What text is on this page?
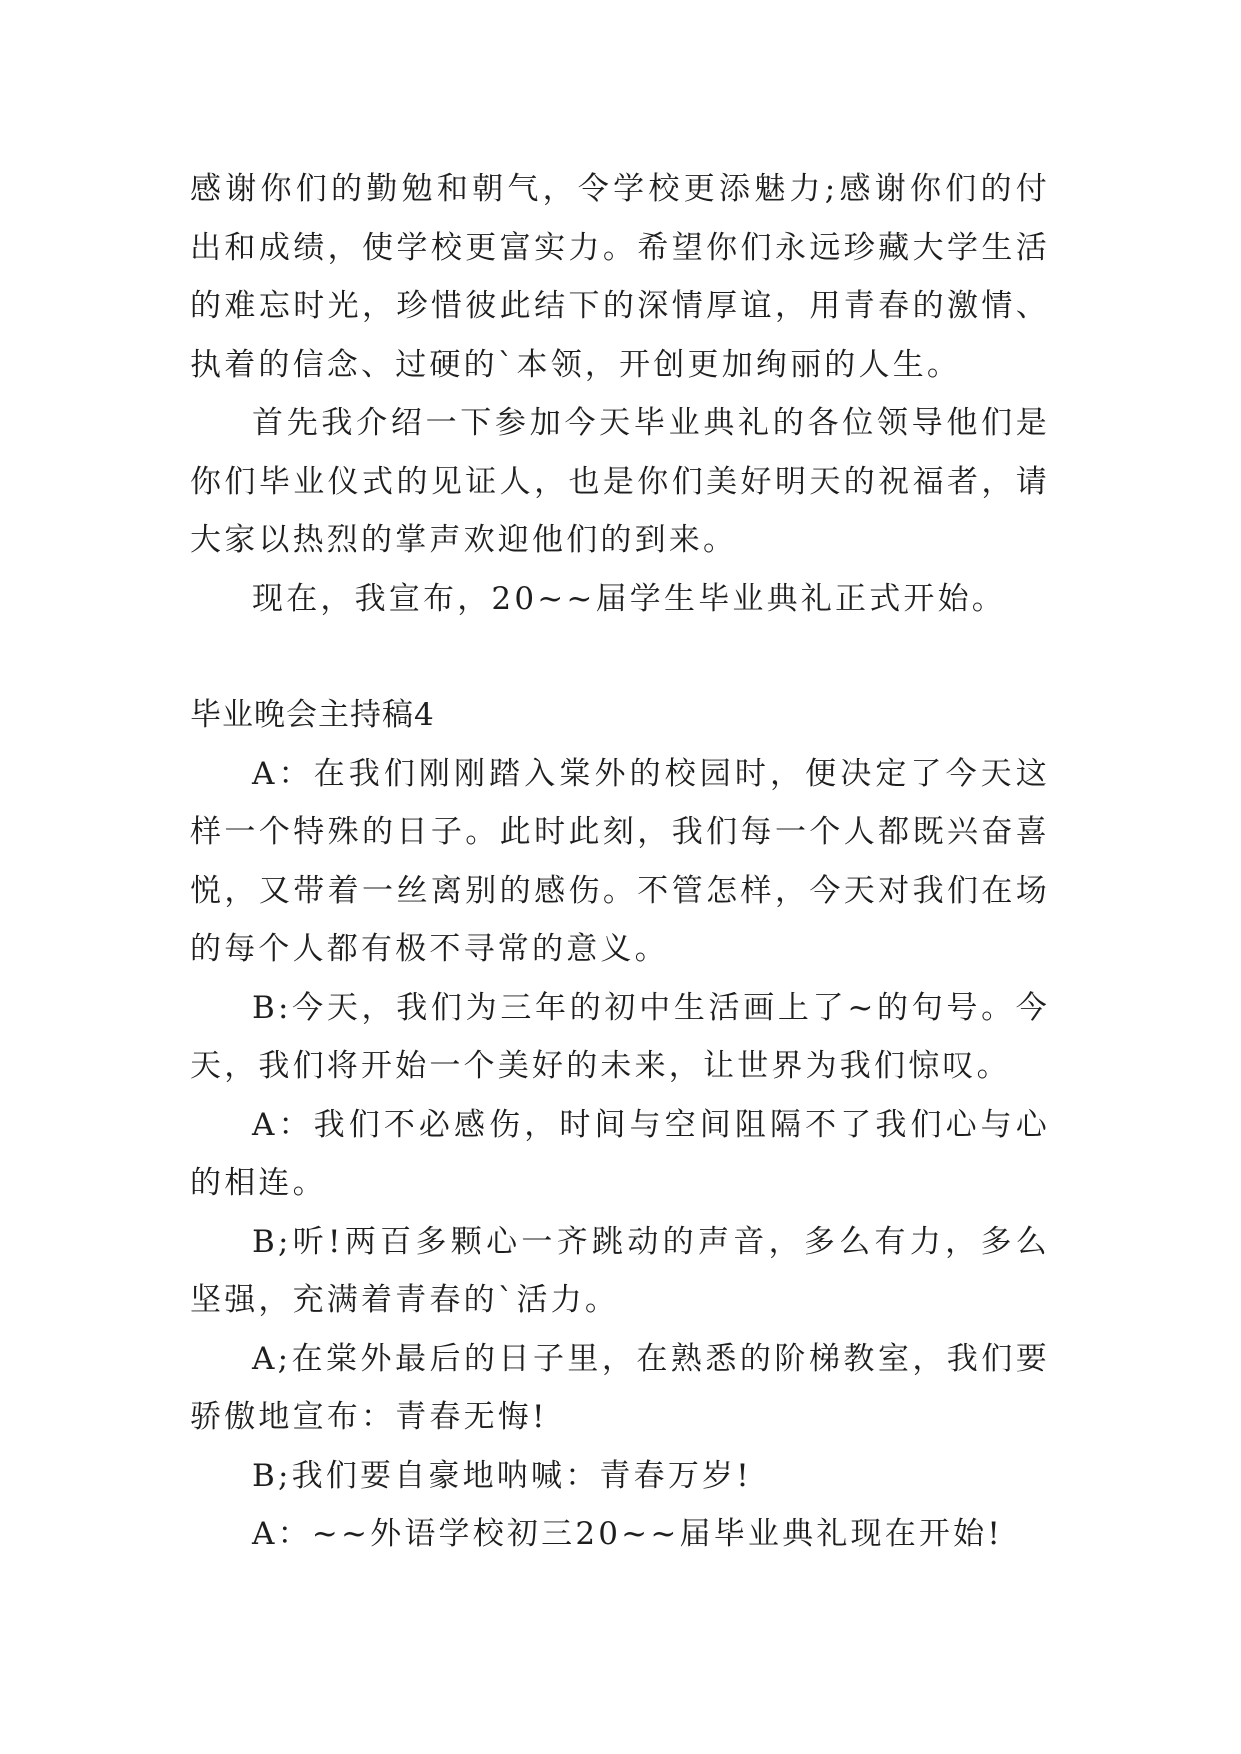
感谢你们的勤勉和朝气，令学校更添魅力;感谢你们的付出和成绩，使学校更富实力。希望你们永远珍藏大学生活的难忘时光，珍惜彼此结下的深情厚谊，用青春的激情、执着的信念、过硬的`本领，开创更加绚丽的人生。

首先我介绍一下参加今天毕业典礼的各位领导他们是你们毕业仪式的见证人，也是你们美好明天的祝福者，请大家以热烈的掌声欢迎他们的到来。

现在，我宣布，20~~届学生毕业典礼正式开始。

毕业晚会主持稿4

A：在我们刚刚踏入棠外的校园时，便决定了今天这样一个特殊的日子。此时此刻，我们每一个人都既兴奋喜悦，又带着一丝离别的感伤。不管怎样，今天对我们在场的每个人都有极不寻常的意义。

B:今天，我们为三年的初中生活画上了~的句号。今天，我们将开始一个美好的未来，让世界为我们惊叹。

A：我们不必感伤，时间与空间阻隔不了我们心与心的相连。

B;听!两百多颗心一齐跳动的声音，多么有力，多么坚强，充满着青春的`活力。

A;在棠外最后的日子里，在熟悉的阶梯教室，我们要骄傲地宣布：青春无悔!

B;我们要自豪地呐喊：青春万岁!

A：~~外语学校初三20~~届毕业典礼现在开始!
